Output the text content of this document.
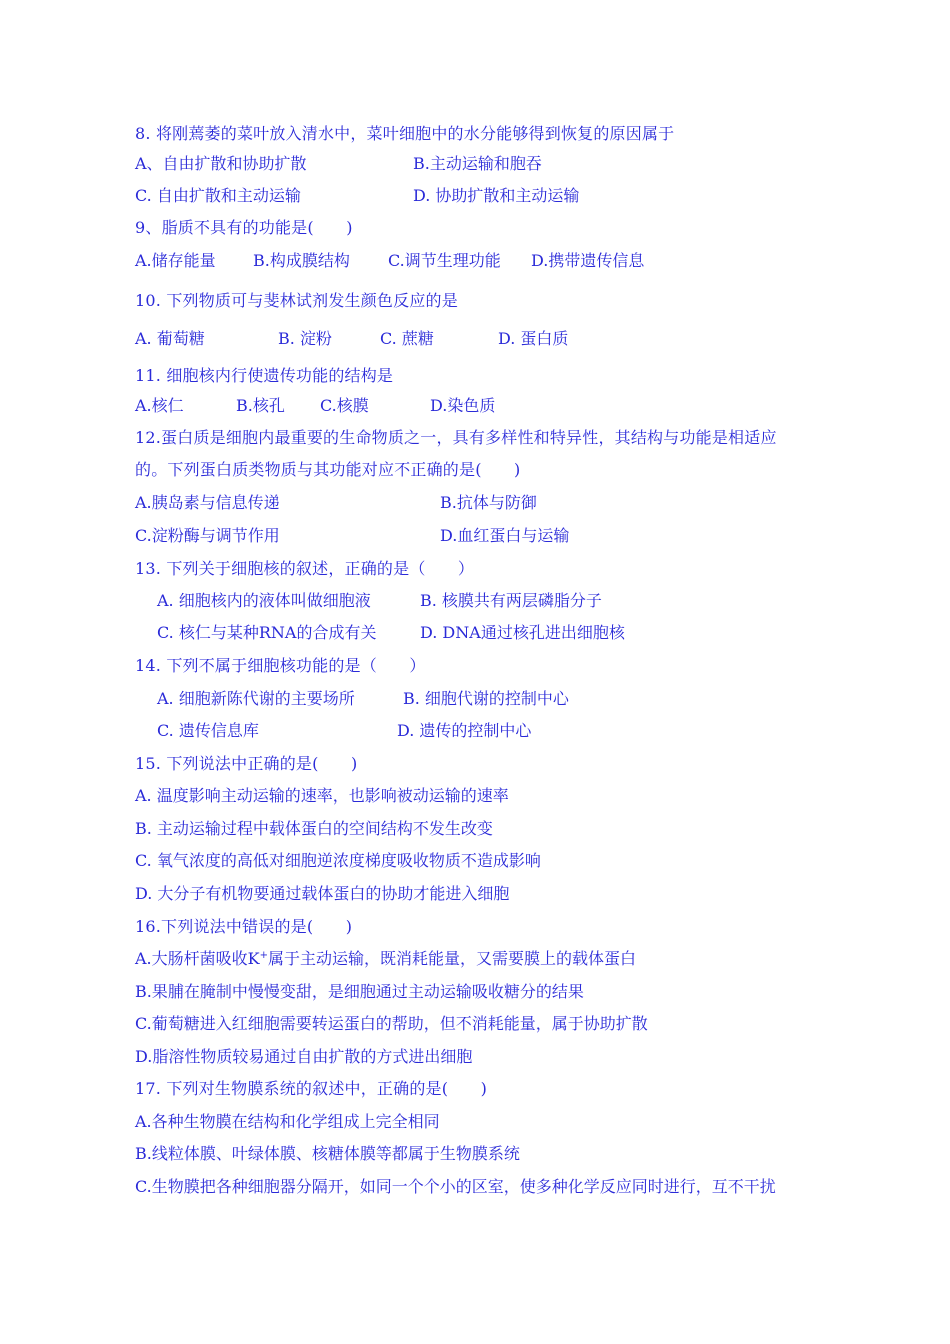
8. 将刚蔫萎的菜叶放入清水中，菜叶细胞中的水分能够得到恢复的原因属于
A、自由扩散和协助扩散	B.主动运输和胞吞
C. 自由扩散和主动运输	D. 协助扩散和主动运输
9、脂质不具有的功能是(　　)
A.储存能量 B.构成膜结构 C.调节生理功能 D.携带遗传信息
10. 下列物质可与斐林试剂发生颜色反应的是
A. 葡萄糖	B. 淀粉	C. 蔗糖	D. 蛋白质
11. 细胞核内行使遗传功能的结构是
A.核仁	B.核孔 C.核膜	D.染色质
12.蛋白质是细胞内最重要的生命物质之一，具有多样性和特异性，其结构与功能是相适应
的。下列蛋白质类物质与其功能对应不正确的是(　　)
A.胰岛素与信息传递	B.抗体与防御
C.淀粉酶与调节作用	D.血红蛋白与运输
13. 下列关于细胞核的叙述，正确的是（　　）
A. 细胞核内的液体叫做细胞液	B. 核膜共有两层磷脂分子
C. 核仁与某种RNA的合成有关	D. DNA通过核孔进出细胞核
14. 下列不属于细胞核功能的是（　　）
A. 细胞新陈代谢的主要场所	B. 细胞代谢的控制中心
C. 遗传信息库	D. 遗传的控制中心
15. 下列说法中正确的是(　　)
A. 温度影响主动运输的速率，也影响被动运输的速率
B. 主动运输过程中载体蛋白的空间结构不发生改变
C. 氧气浓度的高低对细胞逆浓度梯度吸收物质不造成影响
D. 大分子有机物要通过载体蛋白的协助才能进入细胞
16.下列说法中错误的是(　　)
A.大肠杆菌吸收K+属于主动运输，既消耗能量，又需要膜上的载体蛋白
B.果脯在腌制中慢慢变甜，是细胞通过主动运输吸收糖分的结果
C.葡萄糖进入红细胞需要转运蛋白的帮助，但不消耗能量，属于协助扩散
D.脂溶性物质较易通过自由扩散的方式进出细胞
17. 下列对生物膜系统的叙述中，正确的是(　　)
A.各种生物膜在结构和化学组成上完全相同
B.线粒体膜、叶绿体膜、核糖体膜等都属于生物膜系统
C.生物膜把各种细胞器分隔开，如同一个个小的区室，使多种化学反应同时进行，互不干扰
